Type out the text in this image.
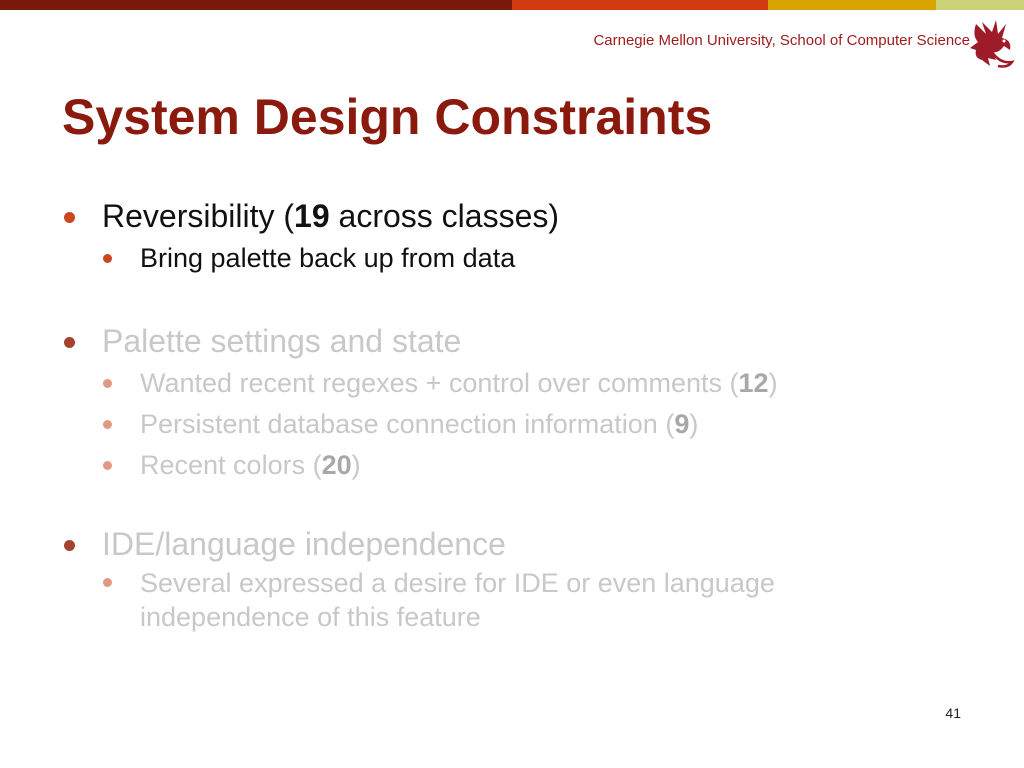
Carnegie Mellon University, School of Computer Science
System Design Constraints
Reversibility (19 across classes)
Bring palette back up from data
Palette settings and state
Wanted recent regexes + control over comments (12)
Persistent database connection information (9)
Recent colors (20)
IDE/language independence
Several expressed a desire for IDE or even language independence of this feature
41
